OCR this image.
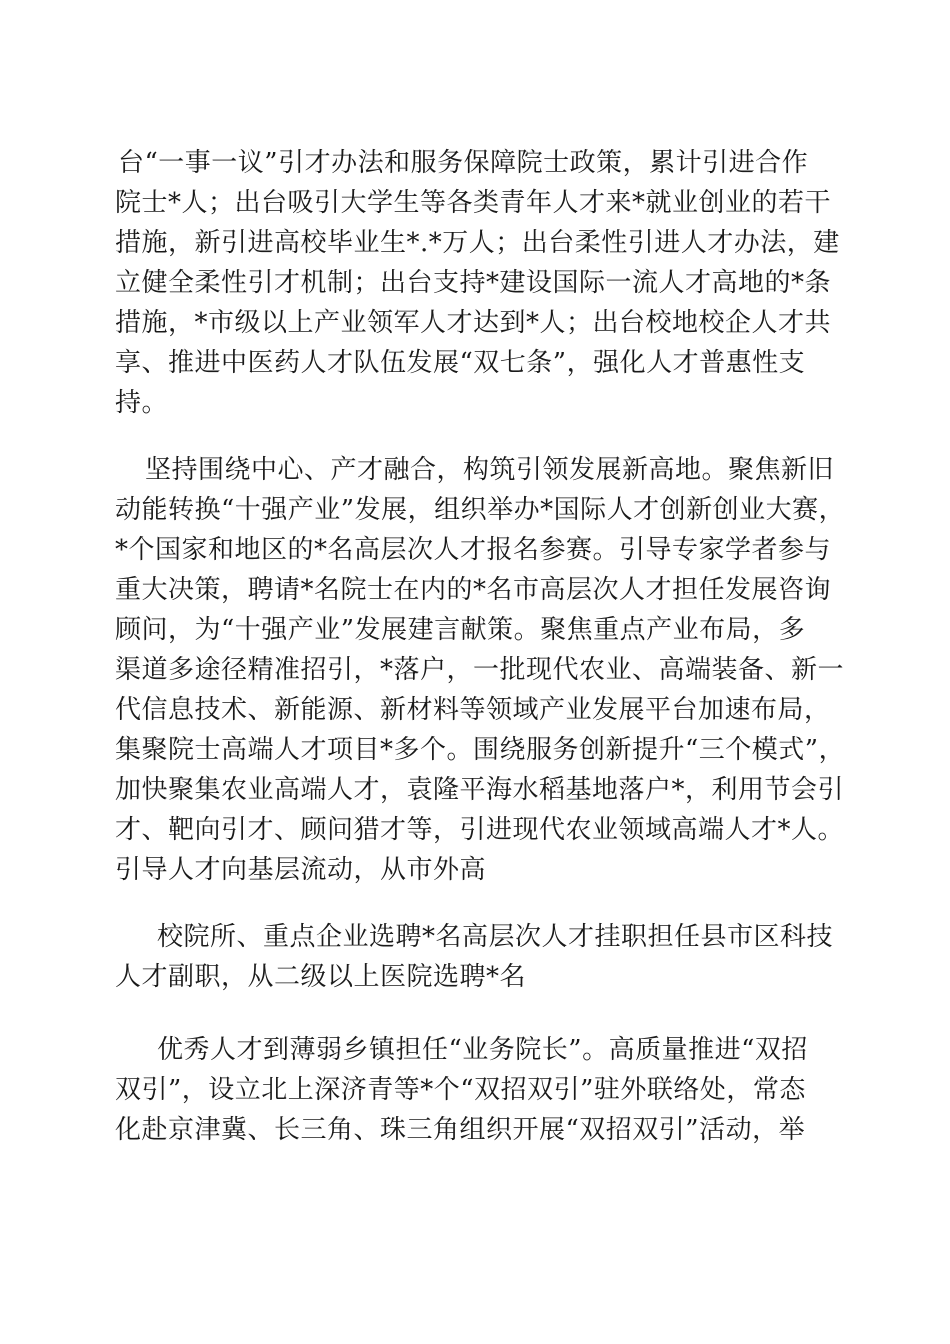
台“一事一议”引才办法和服务保障院士政策，累计引进合作
院士*人；出台吸引大学生等各类青年人才来*就业创业的若干
措施，新引进高校毕业生*.*万人；出台柔性引进人才办法，建
立健全柔性引才机制；出台支持*建设国际一流人才高地的*条
措施，*市级以上产业领军人才达到*人；出台校地校企人才共
享、推进中医药人才队伍发展“双七条”，强化人才普惠性支
持。
坚持围绕中心、产才融合，构筑引领发展新高地。聚焦新旧
动能转换“十强产业”发展，组织举办*国际人才创新创业大赛，
*个国家和地区的*名高层次人才报名参赛。引导专家学者参与
重大决策，聘请*名院士在内的*名市高层次人才担任发展咨询
顾问，为“十强产业”发展建言献策。聚焦重点产业布局，多
渠道多途径精准招引，*落户，一批现代农业、高端装备、新一
代信息技术、新能源、新材料等领域产业发展平台加速布局，
集聚院士高端人才项目*多个。围绕服务创新提升“三个模式”，
加快聚集农业高端人才，袁隆平海水稻基地落户*，利用节会引
才、靶向引才、顾问猎才等，引进现代农业领域高端人才*人。
引导人才向基层流动，从市外高
校院所、重点企业选聘*名高层次人才挂职担任县市区科技
人才副职，从二级以上医院选聘*名
优秀人才到薄弱乡镇担任“业务院长”。高质量推进“双招
双引”，设立北上深济青等*个“双招双引”驻外联络处，常态
化赴京津冀、长三角、珠三角组织开展“双招双引”活动，举
